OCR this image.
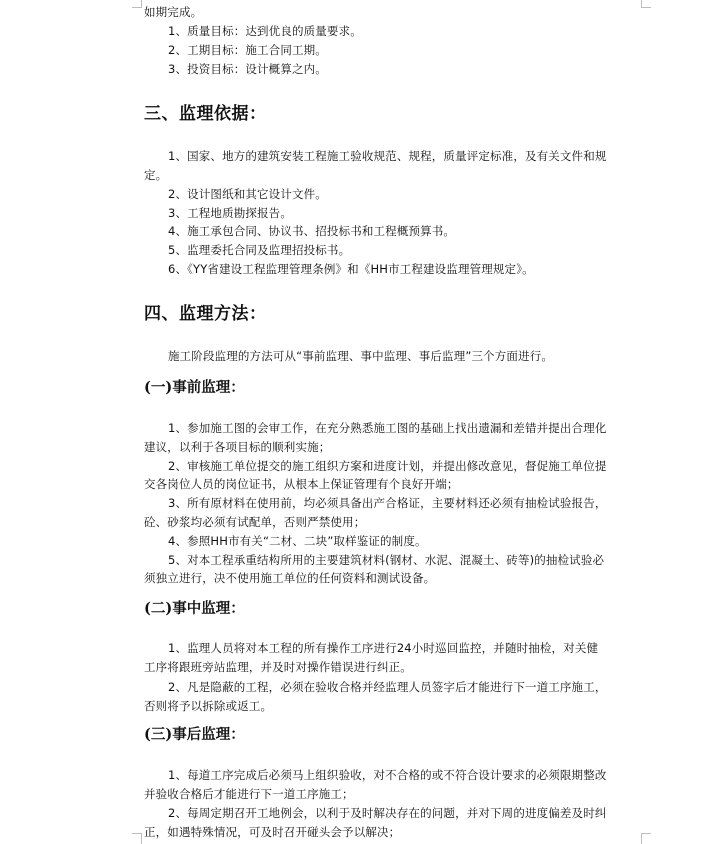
如期完成。
1、质量目标：达到优良的质量要求。
2、工期目标：施工合同工期。
3、投资目标：设计概算之内。
三、监理依据：
1、国家、地方的建筑安装工程施工验收规范、规程，质量评定标准，及有关文件和规
定。
2、设计图纸和其它设计文件。
3、工程地质勘探报告。
4、施工承包合同、协议书、招投标书和工程概预算书。
5、监理委托合同及监理招投标书。
6、《YY省建设工程监理管理条例》和《HH市工程建设监理管理规定》。
四、监理方法：
施工阶段监理的方法可从“事前监理、事中监理、事后监理”三个方面进行。
(一)事前监理：
1、参加施工图的会审工作，在充分熟悉施工图的基础上找出遗漏和差错并提出合理化
建议，以利于各项目标的顺利实施；
2、审核施工单位提交的施工组织方案和进度计划，并提出修改意见，督促施工单位提
交各岗位人员的岗位证书，从根本上保证管理有个良好开端；
3、所有原材料在使用前，均必须具备出产合格证，主要材料还必须有抽检试验报告，
砼、砂浆均必须有试配单，否则严禁使用；
4、参照HH市有关“二材、二块”取样鉴证的制度。
5、对本工程承重结构所用的主要建筑材料(钢材、水泥、混凝土、砖等)的抽检试验必
须独立进行，决不使用施工单位的任何资料和测试设备。
(二)事中监理：
1、监理人员将对本工程的所有操作工序进行24小时巡回监控，并随时抽检，对关健
工序将跟班旁站监理，并及时对操作错误进行纠正。
2、凡是隐蔽的工程，必须在验收合格并经监理人员签字后才能进行下一道工序施工，
否则将予以拆除或返工。
(三)事后监理：
1、每道工序完成后必须马上组织验收，对不合格的或不符合设计要求的必须限期整改
并验收合格后才能进行下一道工序施工；
2、每周定期召开工地例会，以利于及时解决存在的问题，并对下周的进度偏差及时纠
正，如遇特殊情况，可及时召开碰头会予以解决；
